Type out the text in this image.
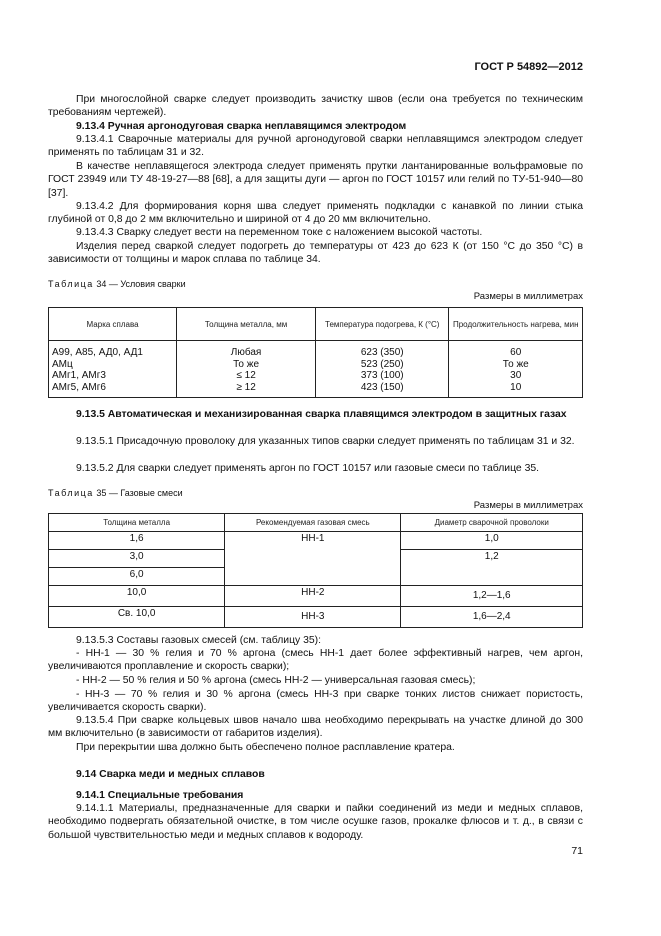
ГОСТ Р 54892—2012
При многослойной сварке следует производить зачистку швов (если она требуется по техническим требованиям чертежей).
9.13.4 Ручная аргонодуговая сварка неплавящимся электродом
9.13.4.1 Сварочные материалы для ручной аргонодуговой сварки неплавящимся электродом следует применять по таблицам 31 и 32.
В качестве неплавящегося электрода следует применять прутки лантанированные вольфрамовые по ГОСТ 23949 или ТУ 48-19-27—88 [68], а для защиты дуги — аргон по ГОСТ 10157 или гелий по ТУ-51-940—80 [37].
9.13.4.2 Для формирования корня шва следует применять подкладки с канавкой по линии стыка глубиной от 0,8 до 2 мм включительно и шириной от 4 до 20 мм включительно.
9.13.4.3 Сварку следует вести на переменном токе с наложением высокой частоты.
Изделия перед сваркой следует подогреть до температуры от 423 до 623 К (от 150 °С до 350 °С) в зависимости от толщины и марок сплава по таблице 34.
Таблица 34 — Условия сварки
Размеры в миллиметрах
Марка сплава	Толщина металла, мм	Температура подогрева, К (°С)	Продолжительность нагрева, мин
А99, А85, АД0, АД1	Любая	623 (350)	60
АМц	То же	523 (250)	То же
АМг1, АМг3	≤ 12	373 (100)	30
АМг5, АМг6	≥ 12	423 (150)	10
9.13.5 Автоматическая и механизированная сварка плавящимся электродом в защитных газах
9.13.5.1 Присадочную проволоку для указанных типов сварки следует применять по таблицам 31 и 32.
9.13.5.2 Для сварки следует применять аргон по ГОСТ 10157 или газовые смеси по таблице 35.
Таблица 35 — Газовые смеси
Размеры в миллиметрах
Толщина металла	Рекомендуемая газовая смесь	Диаметр сварочной проволоки
1,6	НН-1	1,0
3,0		1,2
6,0		
10,0	НН-2	1,2—1,6
Св. 10,0	НН-3	1,6—2,4
9.13.5.3 Составы газовых смесей (см. таблицу 35):
- НН-1 — 30 % гелия и 70 % аргона (смесь НН-1 дает более эффективный нагрев, чем аргон, увеличиваются проплавление и скорость сварки);
- НН-2 — 50 % гелия и 50 % аргона (смесь НН-2 — универсальная газовая смесь);
- НН-3 — 70 % гелия и 30 % аргона (смесь НН-3 при сварке тонких листов снижает пористость, увеличивается скорость сварки).
9.13.5.4 При сварке кольцевых швов начало шва необходимо перекрывать на участке длиной до 300 мм включительно (в зависимости от габаритов изделия).
При перекрытии шва должно быть обеспечено полное расплавление кратера.
9.14 Сварка меди и медных сплавов
9.14.1 Специальные требования
9.14.1.1 Материалы, предназначенные для сварки и пайки соединений из меди и медных сплавов, необходимо подвергать обязательной очистке, в том числе осушке газов, прокалке флюсов и т. д., в связи с большой чувствительностью меди и медных сплавов к водороду.
71
